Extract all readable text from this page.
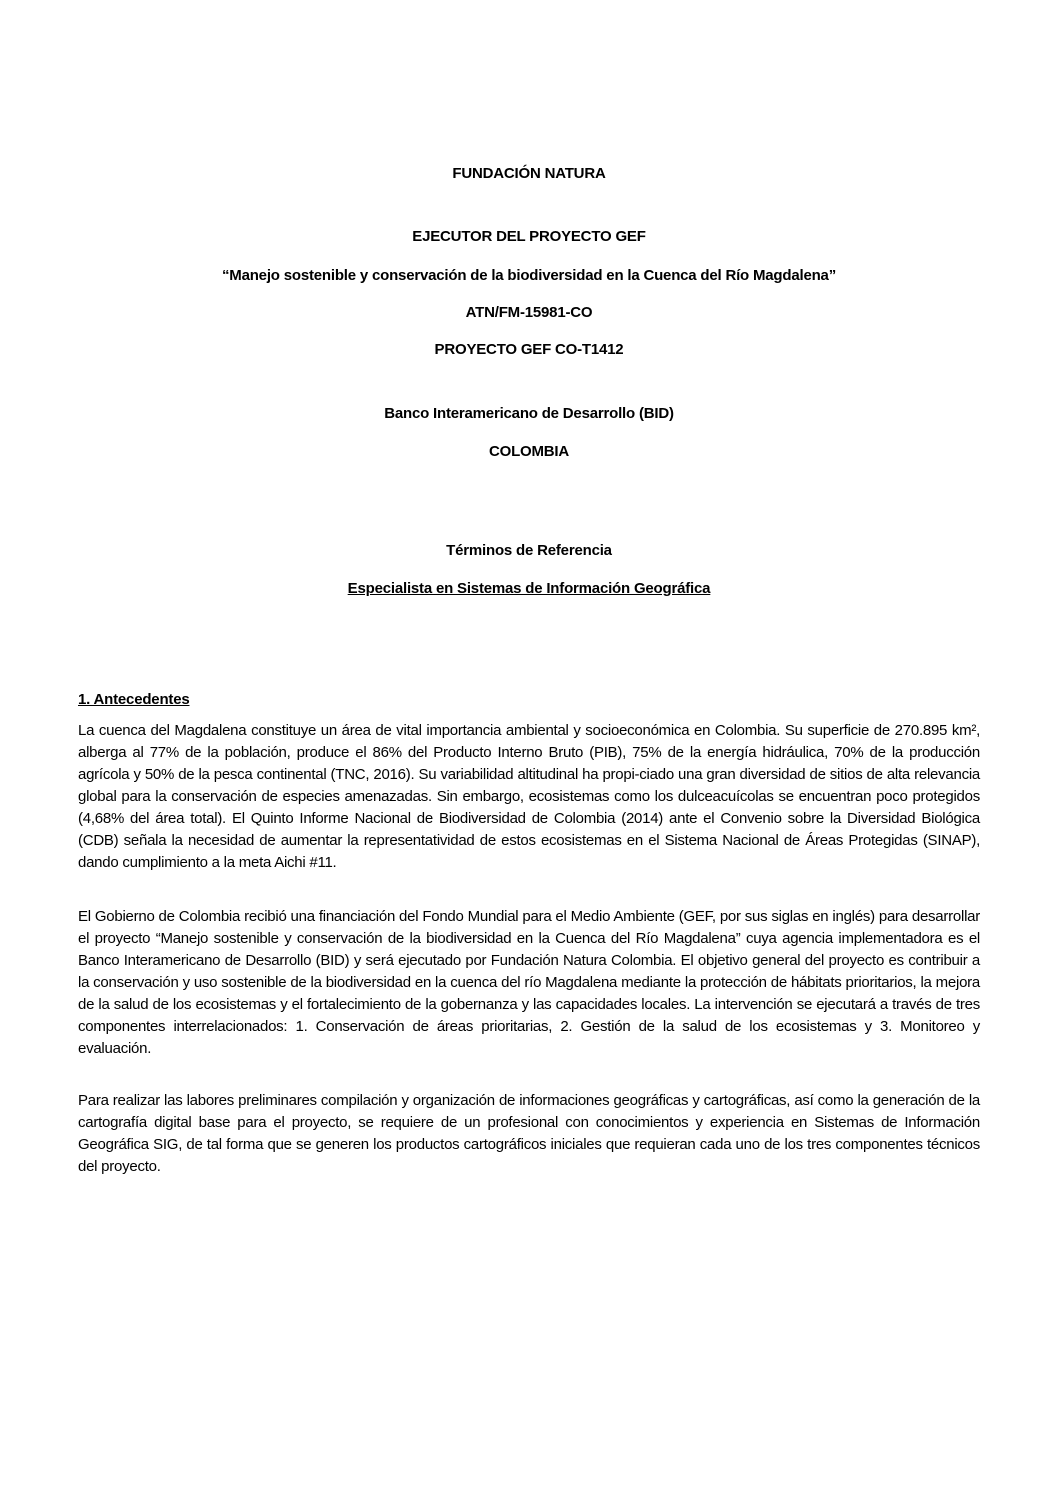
FUNDACIÓN NATURA
EJECUTOR DEL PROYECTO GEF
“Manejo sostenible y conservación de la biodiversidad en la Cuenca del Río Magdalena”
ATN/FM-15981-CO
PROYECTO GEF CO-T1412
Banco Interamericano de Desarrollo (BID)
COLOMBIA
Términos de Referencia
Especialista en Sistemas de Información Geográfica
1. Antecedentes

La cuenca del Magdalena constituye un área de vital importancia ambiental y socioeconómica en Colombia. Su superficie de 270.895 km², alberga al 77% de la población, produce el 86% del Producto Interno Bruto (PIB), 75% de la energía hidráulica, 70% de la producción agrícola y 50% de la pesca continental (TNC, 2016). Su variabilidad altitudinal ha propi-ciado una gran diversidad de sitios de alta relevancia global para la conservación de especies amenazadas. Sin embargo, ecosistemas como los dulceacuícolas se encuentran poco protegidos (4,68% del área total). El Quinto Informe Nacional de Biodiversidad de Colombia (2014) ante el Convenio sobre la Diversidad Biológica (CDB) señala la necesidad de aumentar la representatividad de estos ecosistemas en el Sistema Nacional de Áreas Protegidas (SINAP), dando cumplimiento a la meta Aichi #11.

El Gobierno de Colombia recibió una financiación del Fondo Mundial para el Medio Ambiente (GEF, por sus siglas en inglés) para desarrollar el proyecto “Manejo sostenible y conservación de la biodiversidad en la Cuenca del Río Magdalena” cuya agencia implementadora es el Banco Interamericano de Desarrollo (BID) y será ejecutado por Fundación Natura Colombia. El objetivo general del proyecto es contribuir a la conservación y uso sostenible de la biodiversidad en la cuenca del río Magdalena mediante la protección de hábitats prioritarios, la mejora de la salud de los ecosistemas y el fortalecimiento de la gobernanza y las capacidades locales. La intervención se ejecutará a través de tres componentes interrelacionados: 1. Conservación de áreas prioritarias, 2. Gestión de la salud de los ecosistemas y 3. Monitoreo y evaluación.

Para realizar las labores preliminares compilación y organización de informaciones geográficas y cartográficas, así como la generación de la cartografía digital base para el proyecto, se requiere de un profesional con conocimientos y experiencia en Sistemas de Información Geográfica SIG, de tal forma que se generen los productos cartográficos iniciales que requieran cada uno de los tres componentes técnicos del proyecto.
